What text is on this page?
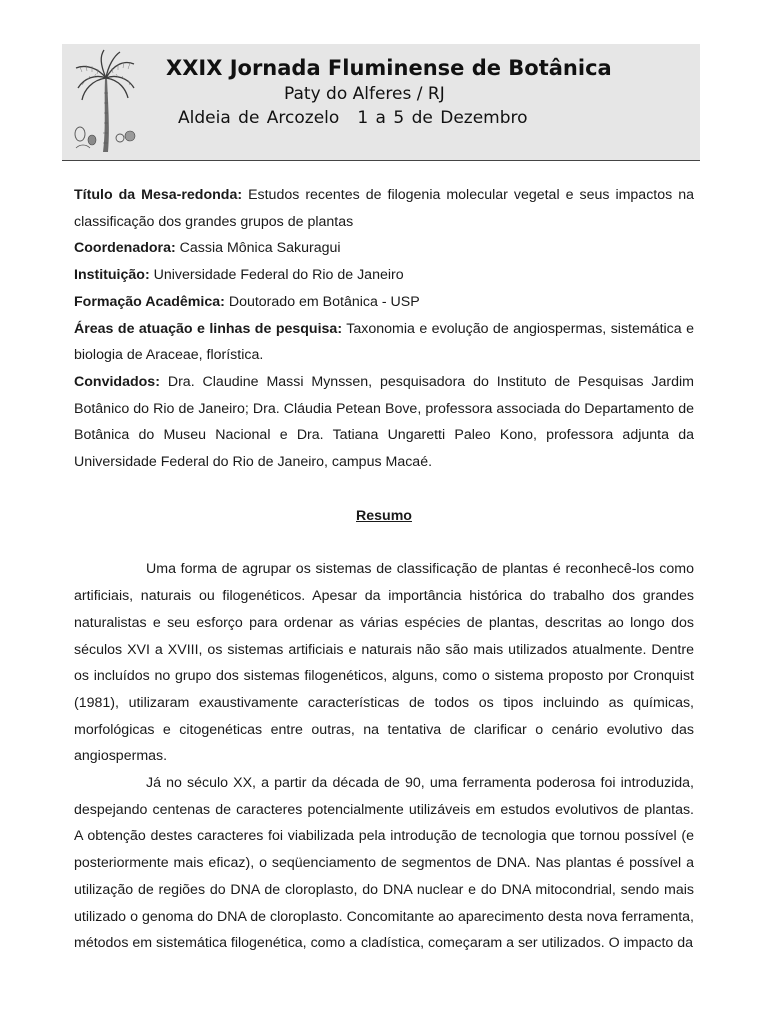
XXIX Jornada Fluminense de Botânica
Paty do Alferes / RJ
Aldeia de Arcozelo 1 a 5 de Dezembro

Título da Mesa-redonda: Estudos recentes de filogenia molecular vegetal e seus impactos na classificação dos grandes grupos de plantas

Coordenadora: Cassia Mônica Sakuragui

Instituição: Universidade Federal do Rio de Janeiro

Formação Acadêmica: Doutorado em Botânica - USP

Áreas de atuação e linhas de pesquisa: Taxonomia e evolução de angiospermas, sistemática e biologia de Araceae, florística.

Convidados: Dra. Claudine Massi Mynssen, pesquisadora do Instituto de Pesquisas Jardim Botânico do Rio de Janeiro; Dra. Cláudia Petean Bove, professora associada do Departamento de Botânica do Museu Nacional e Dra. Tatiana Ungaretti Paleo Kono, professora adjunta da Universidade Federal do Rio de Janeiro, campus Macaé.

Resumo

Uma forma de agrupar os sistemas de classificação de plantas é reconhecê-los como artificiais, naturais ou filogenéticos. Apesar da importância histórica do trabalho dos grandes naturalistas e seu esforço para ordenar as várias espécies de plantas, descritas ao longo dos séculos XVI a XVIII, os sistemas artificiais e naturais não são mais utilizados atualmente. Dentre os incluídos no grupo dos sistemas filogenéticos, alguns, como o sistema proposto por Cronquist (1981), utilizaram exaustivamente características de todos os tipos incluindo as químicas, morfológicas e citogenéticas entre outras, na tentativa de clarificar o cenário evolutivo das angiospermas.

Já no século XX, a partir da década de 90, uma ferramenta poderosa foi introduzida, despejando centenas de caracteres potencialmente utilizáveis em estudos evolutivos de plantas. A obtenção destes caracteres foi viabilizada pela introdução de tecnologia que tornou possível (e posteriormente mais eficaz), o seqüenciamento de segmentos de DNA. Nas plantas é possível a utilização de regiões do DNA de cloroplasto, do DNA nuclear e do DNA mitocondrial, sendo mais utilizado o genoma do DNA de cloroplasto. Concomitante ao aparecimento desta nova ferramenta, métodos em sistemática filogenética, como a cladística, começaram a ser utilizados. O impacto da
